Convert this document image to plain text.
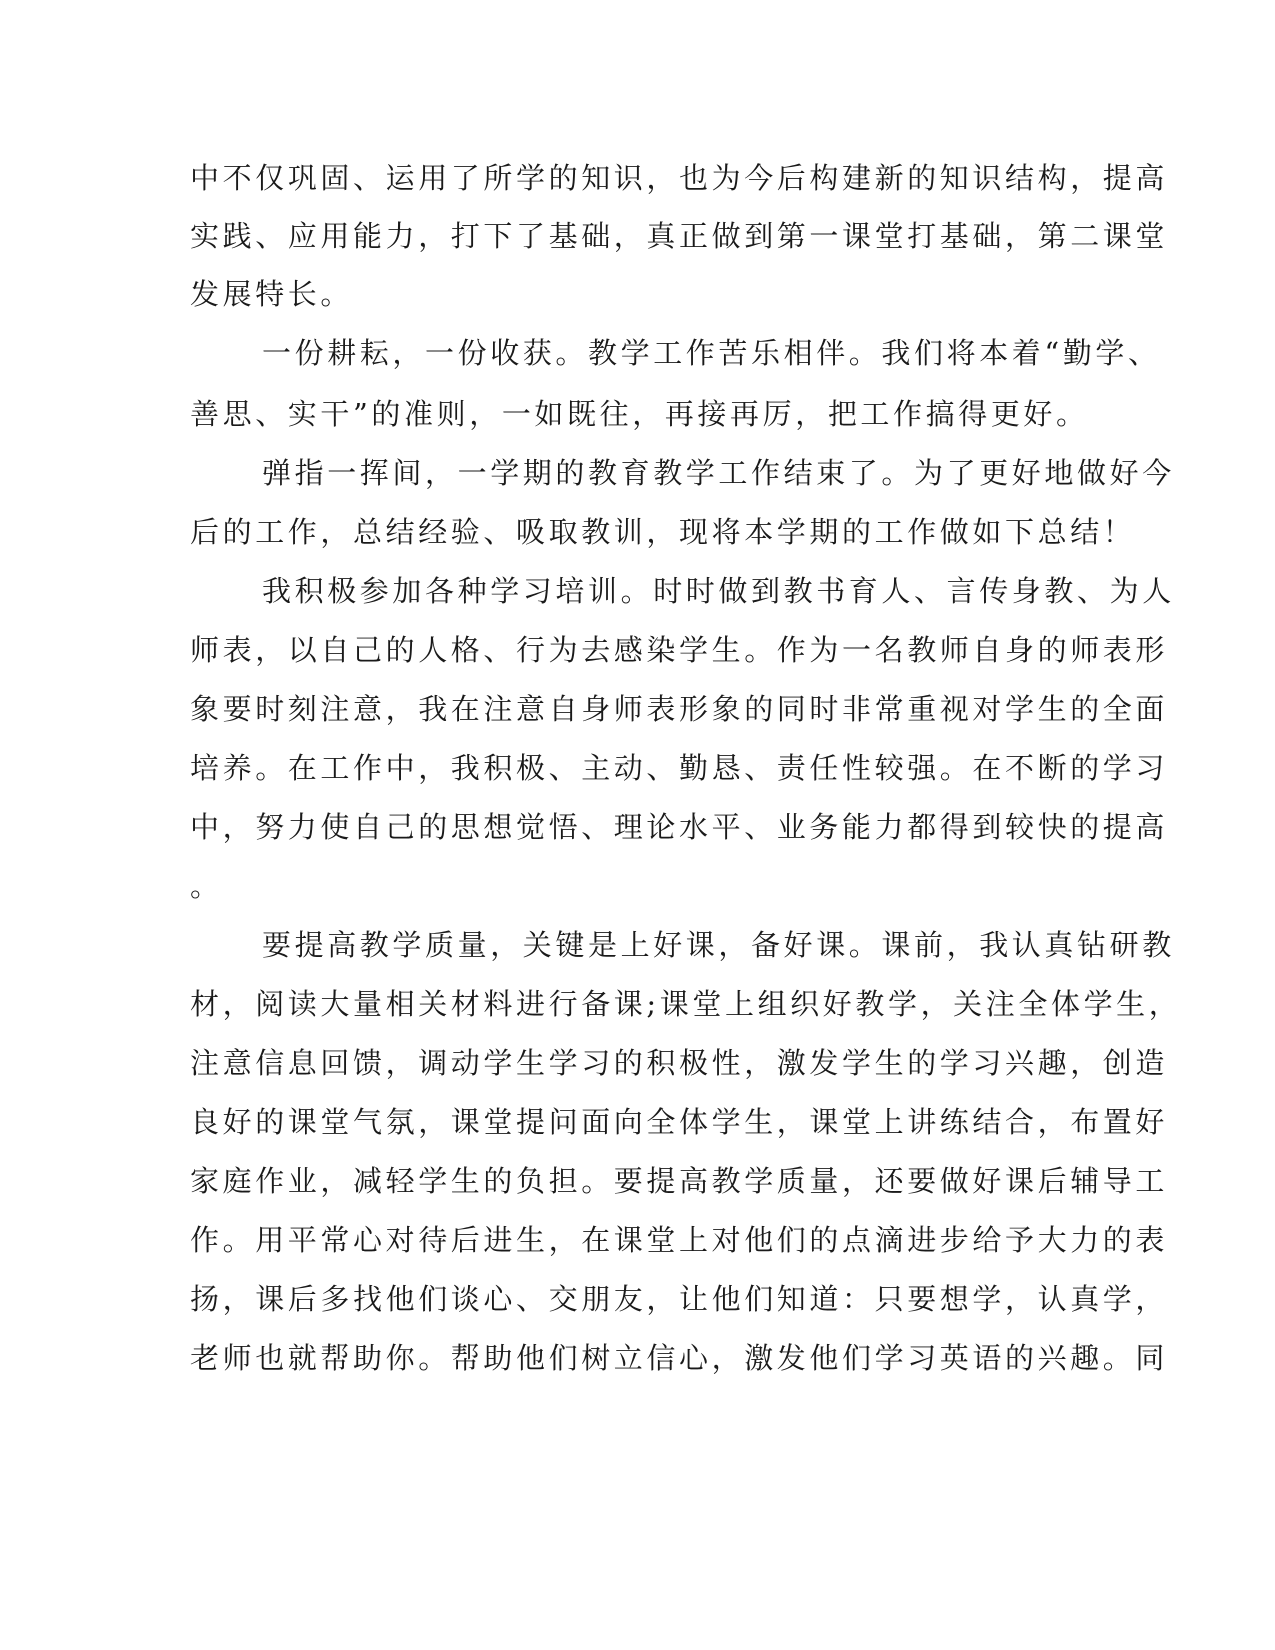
中不仅巩固、运用了所学的知识，也为今后构建新的知识结构，提高
实践、应用能力，打下了基础，真正做到第一课堂打基础，第二课堂
发展特长。
一份耕耘，一份收获。教学工作苦乐相伴。我们将本着“勤学、
善思、实干”的准则，一如既往，再接再厉，把工作搞得更好。
弹指一挥间，一学期的教育教学工作结束了。为了更好地做好今
后的工作，总结经验、吸取教训，现将本学期的工作做如下总结！
我积极参加各种学习培训。时时做到教书育人、言传身教、为人
师表，以自己的人格、行为去感染学生。作为一名教师自身的师表形
象要时刻注意，我在注意自身师表形象的同时非常重视对学生的全面
培养。在工作中，我积极、主动、勤恳、责任性较强。在不断的学习
中，努力使自己的思想觉悟、理论水平、业务能力都得到较快的提高
。
要提高教学质量，关键是上好课，备好课。课前，我认真钻研教
材，阅读大量相关材料进行备课;课堂上组织好教学，关注全体学生，
注意信息回馈，调动学生学习的积极性，激发学生的学习兴趣，创造
良好的课堂气氛，课堂提问面向全体学生，课堂上讲练结合，布置好
家庭作业，减轻学生的负担。要提高教学质量，还要做好课后辅导工
作。用平常心对待后进生，在课堂上对他们的点滴进步给予大力的表
扬，课后多找他们谈心、交朋友，让他们知道：只要想学，认真学，
老师也就帮助你。帮助他们树立信心，激发他们学习英语的兴趣。同
